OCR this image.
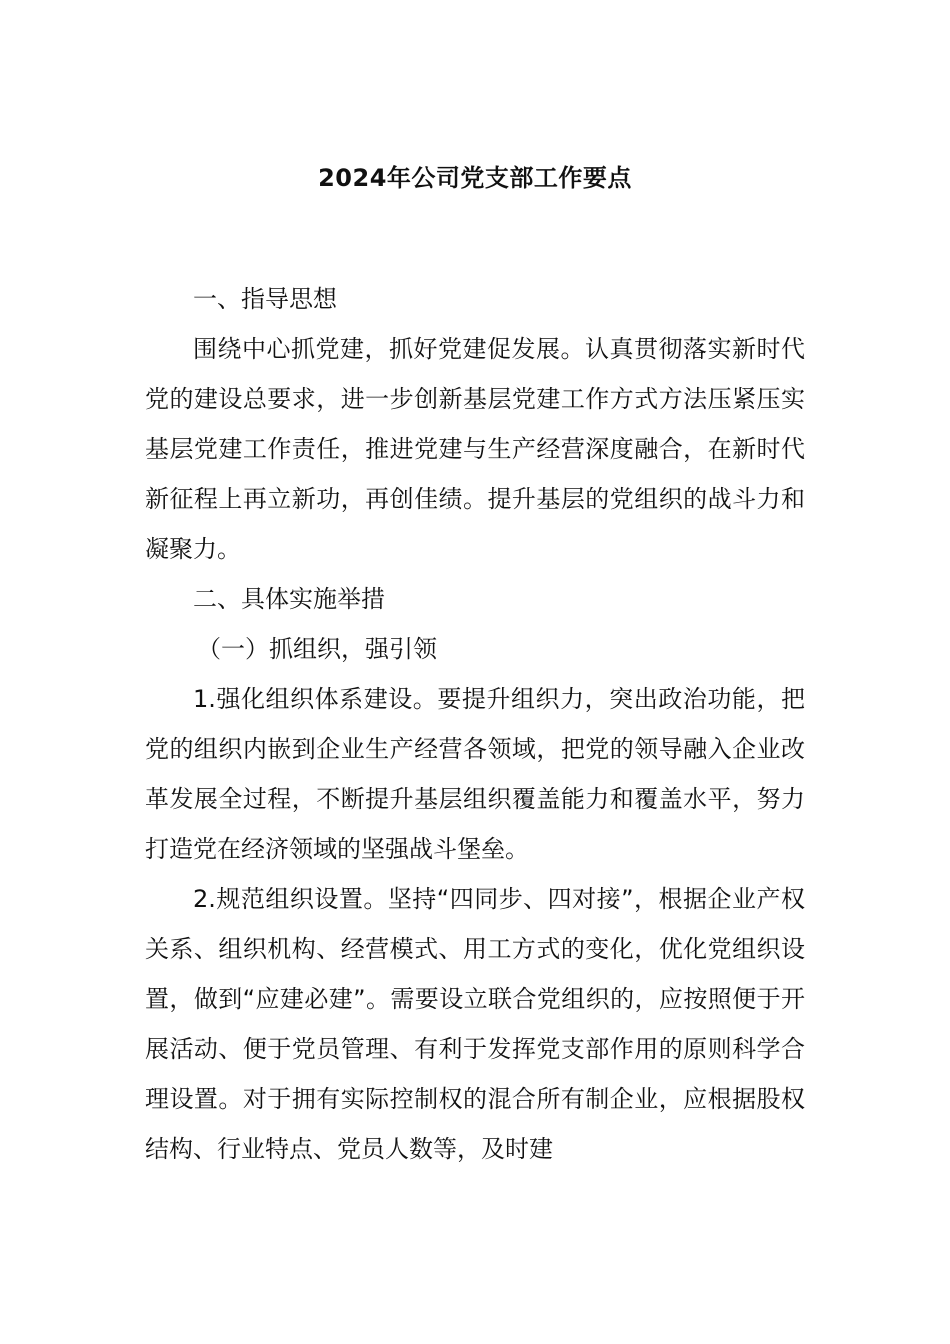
2024年公司党支部工作要点

一、指导思想

围绕中心抓党建，抓好党建促发展。认真贯彻落实新时代党的建设总要求，进一步创新基层党建工作方式方法压紧压实基层党建工作责任，推进党建与生产经营深度融合，在新时代新征程上再立新功，再创佳绩。提升基层的党组织的战斗力和凝聚力。

二、具体实施举措

（一）抓组织，强引领

1.强化组织体系建设。要提升组织力，突出政治功能，把党的组织内嵌到企业生产经营各领域，把党的领导融入企业改革发展全过程，不断提升基层组织覆盖能力和覆盖水平，努力打造党在经济领域的坚强战斗堡垒。

2.规范组织设置。坚持“四同步、四对接”，根据企业产权关系、组织机构、经营模式、用工方式的变化，优化党组织设置，做到“应建必建”。需要设立联合党组织的，应按照便于开展活动、便于党员管理、有利于发挥党支部作用的原则科学合理设置。对于拥有实际控制权的混合所有制企业，应根据股权结构、行业特点、党员人数等，及时建
